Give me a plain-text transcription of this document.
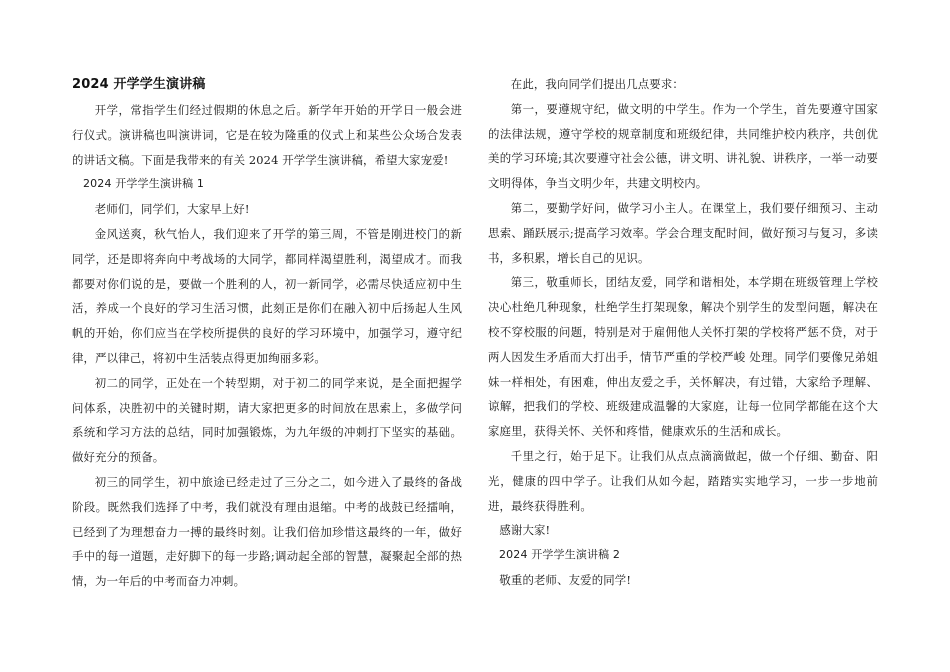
2024 开学学生演讲稿

开学，常指学生们经过假期的休息之后。新学年开始的开学日一般会进行仪式。演讲稿也叫演讲词，它是在较为隆重的仪式上和某些公众场合发表的讲话文稿。下面是我带来的有关 2024 开学学生演讲稿，希望大家宠爱!

2024 开学学生演讲稿 1

老师们，同学们，大家早上好!

金风送爽，秋气怡人，我们迎来了开学的第三周，不管是刚进校门的新同学，还是即将奔向中考战场的大同学，都同样渴望胜利，渴望成才。而我都要对你们说的是，要做一个胜利的人，初一新同学，必需尽快适应初中生活，养成一个良好的学习生活习惯，此刻正是你们在融入初中后扬起人生风帆的开始，你们应当在学校所提供的良好的学习环境中，加强学习，遵守纪律，严以律己，将初中生活装点得更加绚丽多彩。

初二的同学，正处在一个转型期，对于初二的同学来说，是全面把握学问体系，决胜初中的关键时期，请大家把更多的时间放在思索上，多做学问系统和学习方法的总结，同时加强锻炼，为九年级的冲刺打下坚实的基础。做好充分的预备。

初三的同学生，初中旅途已经走过了三分之二，如今进入了最终的备战阶段。既然我们选择了中考，我们就没有理由退缩。中考的战鼓已经擂响，已经到了为理想奋力一搏的最终时刻。让我们倍加珍惜这最终的一年，做好手中的每一道题，走好脚下的每一步路;调动起全部的智慧，凝聚起全部的热情，为一年后的中考而奋力冲刺。

在此，我向同学们提出几点要求：

第一，要遵规守纪，做文明的中学生。作为一个学生，首先要遵守国家的法律法规，遵守学校的规章制度和班级纪律，共同维护校内秩序，共创优美的学习环境;其次要遵守社会公德，讲文明、讲礼貌、讲秩序，一举一动要文明得体，争当文明少年，共建文明校内。

第二，要勤学好问，做学习小主人。在课堂上，我们要仔细预习、主动思索、踊跃展示;提高学习效率。学会合理支配时间，做好预习与复习，多读书，多积累，增长自己的见识。

第三，敬重师长，团结友爱，同学和谐相处，本学期在班级管理上学校决心杜绝几种现象，杜绝学生打架现象，解决个别学生的发型问题，解决在校不穿校服的问题，特别是对于雇佣他人关怀打架的学校将严惩不贷，对于两人因发生矛盾而大打出手，情节严重的学校严峻 处理。同学们要像兄弟姐妹一样相处，有困难，伸出友爱之手，关怀解决，有过错，大家给予理解、谅解，把我们的学校、班级建成温馨的大家庭，让每一位同学都能在这个大家庭里，获得关怀、关怀和疼惜，健康欢乐的生活和成长。

千里之行，始于足下。让我们从点点滴滴做起，做一个仔细、勤奋、阳光，健康的四中学子。让我们从如今起，踏踏实实地学习，一步一步地前进，最终获得胜利。

感谢大家!

2024 开学学生演讲稿 2

敬重的老师、友爱的同学!
